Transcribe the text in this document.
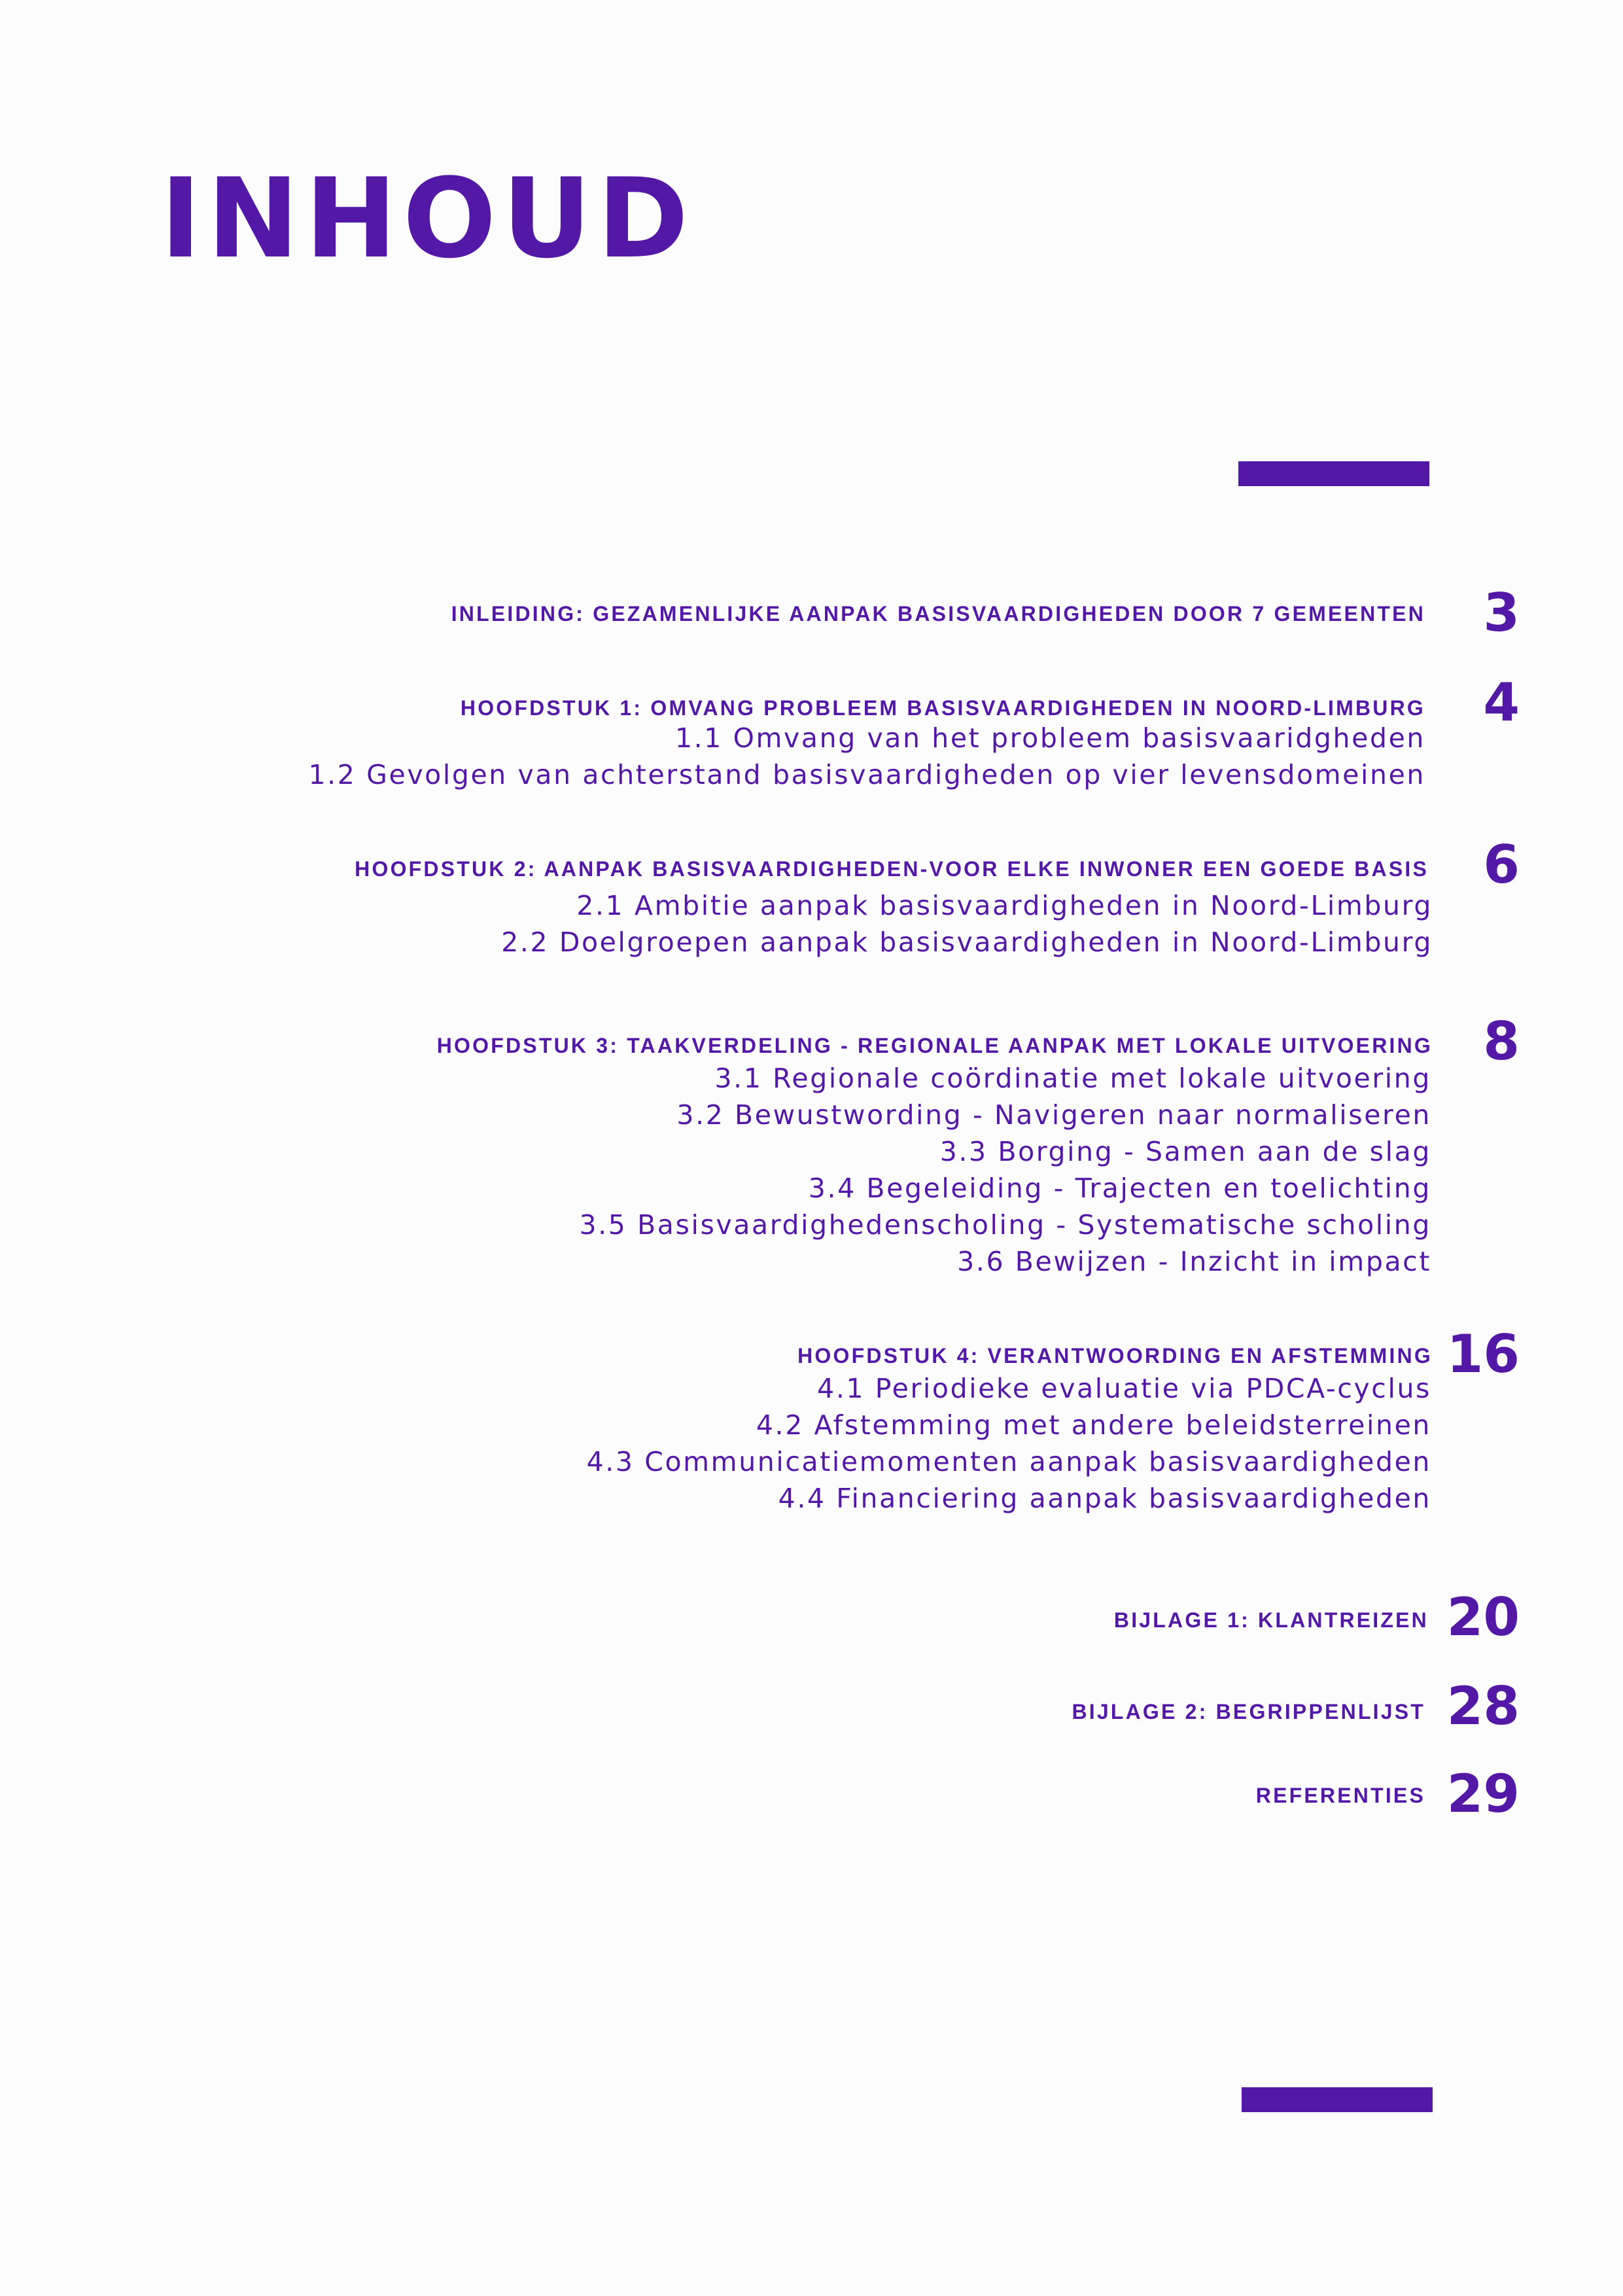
INHOUD
INLEIDING: GEZAMENLIJKE AANPAK BASISVAARDIGHEDEN DOOR 7 GEMEENTEN 3
HOOFDSTUK 1: OMVANG PROBLEEM BASISVAARDIGHEDEN IN NOORD-LIMBURG 4
1.1 Omvang van het probleem basisvaaridgheden
1.2 Gevolgen van achterstand basisvaardigheden op vier levensdomeinen
HOOFDSTUK 2: AANPAK BASISVAARDIGHEDEN-VOOR ELKE INWONER EEN GOEDE BASIS 6
2.1 Ambitie aanpak basisvaardigheden in Noord-Limburg
2.2 Doelgroepen aanpak basisvaardigheden in Noord-Limburg
HOOFDSTUK 3: TAAKVERDELING - REGIONALE AANPAK MET LOKALE UITVOERING 8
3.1 Regionale coördinatie met lokale uitvoering
3.2 Bewustwording - Navigeren naar normaliseren
3.3 Borging - Samen aan de slag
3.4 Begeleiding - Trajecten en toelichting
3.5 Basisvaardighedenscholing - Systematische scholing
3.6 Bewijzen - Inzicht in impact
HOOFDSTUK 4: VERANTWOORDING EN AFSTEMMING 16
4.1 Periodieke evaluatie via PDCA-cyclus
4.2 Afstemming met andere beleidsterreinen
4.3 Communicatiemomenten aanpak basisvaardigheden
4.4 Financiering aanpak basisvaardigheden
BIJLAGE 1: KLANTREIZEN 20
BIJLAGE 2: BEGRIPPENLIJST 28
REFERENTIES 29
